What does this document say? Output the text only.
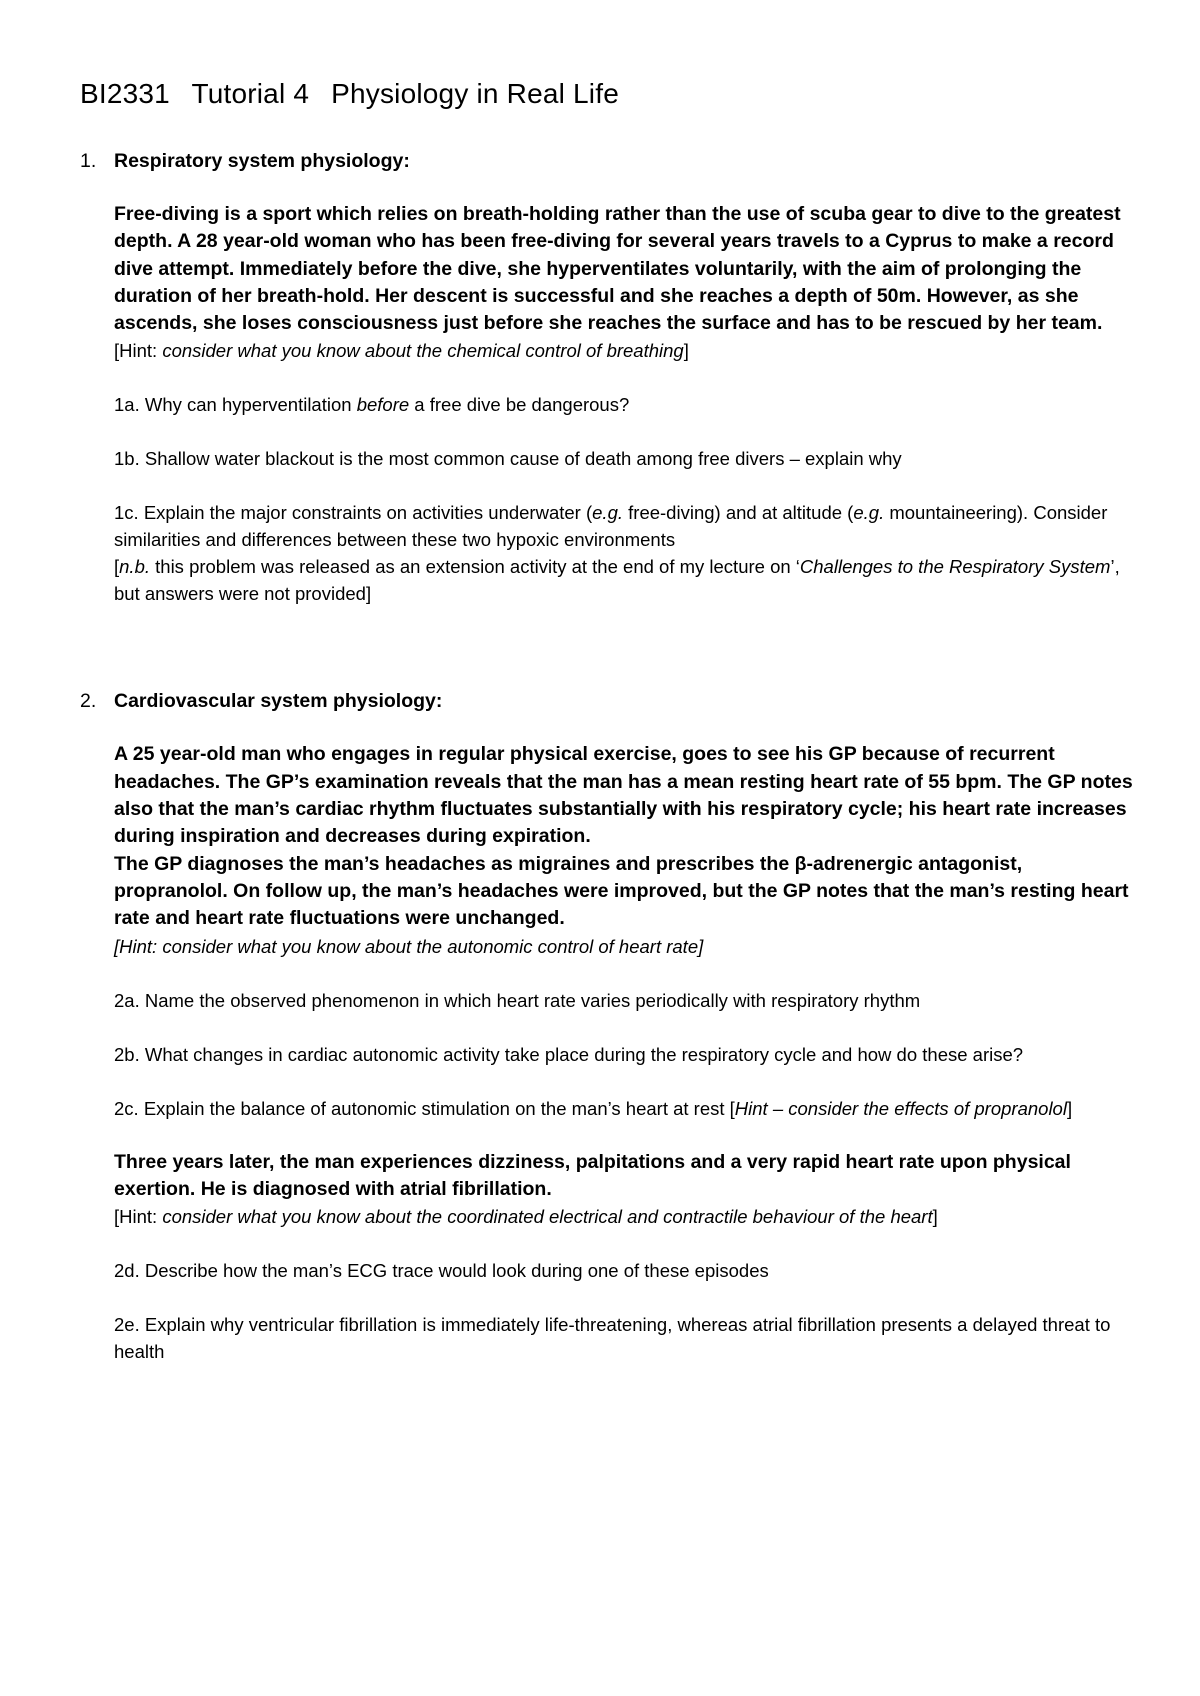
BI2331 Tutorial 4 Physiology in Real Life
1. Respiratory system physiology:

Free-diving is a sport which relies on breath-holding rather than the use of scuba gear to dive to the greatest depth. A 28 year-old woman who has been free-diving for several years travels to a Cyprus to make a record dive attempt. Immediately before the dive, she hyperventilates voluntarily, with the aim of prolonging the duration of her breath-hold. Her descent is successful and she reaches a depth of 50m. However, as she ascends, she loses consciousness just before she reaches the surface and has to be rescued by her team.

[Hint: consider what you know about the chemical control of breathing]

1a. Why can hyperventilation before a free dive be dangerous?

1b. Shallow water blackout is the most common cause of death among free divers – explain why

1c. Explain the major constraints on activities underwater (e.g. free-diving) and at altitude (e.g. mountaineering). Consider similarities and differences between these two hypoxic environments

[n.b. this problem was released as an extension activity at the end of my lecture on ‘Challenges to the Respiratory System’, but answers were not provided]

2. Cardiovascular system physiology:

A 25 year-old man who engages in regular physical exercise, goes to see his GP because of recurrent headaches. The GP’s examination reveals that the man has a mean resting heart rate of 55 bpm. The GP notes also that the man’s cardiac rhythm fluctuates substantially with his respiratory cycle; his heart rate increases during inspiration and decreases during expiration.

The GP diagnoses the man’s headaches as migraines and prescribes the β-adrenergic antagonist, propranolol. On follow up, the man’s headaches were improved, but the GP notes that the man’s resting heart rate and heart rate fluctuations were unchanged.

[Hint: consider what you know about the autonomic control of heart rate]

2a. Name the observed phenomenon in which heart rate varies periodically with respiratory rhythm

2b. What changes in cardiac autonomic activity take place during the respiratory cycle and how do these arise?

2c. Explain the balance of autonomic stimulation on the man’s heart at rest [Hint – consider the effects of propranolol]

Three years later, the man experiences dizziness, palpitations and a very rapid heart rate upon physical exertion. He is diagnosed with atrial fibrillation.

[Hint: consider what you know about the coordinated electrical and contractile behaviour of the heart]

2d. Describe how the man’s ECG trace would look during one of these episodes

2e. Explain why ventricular fibrillation is immediately life-threatening, whereas atrial fibrillation presents a delayed threat to health
